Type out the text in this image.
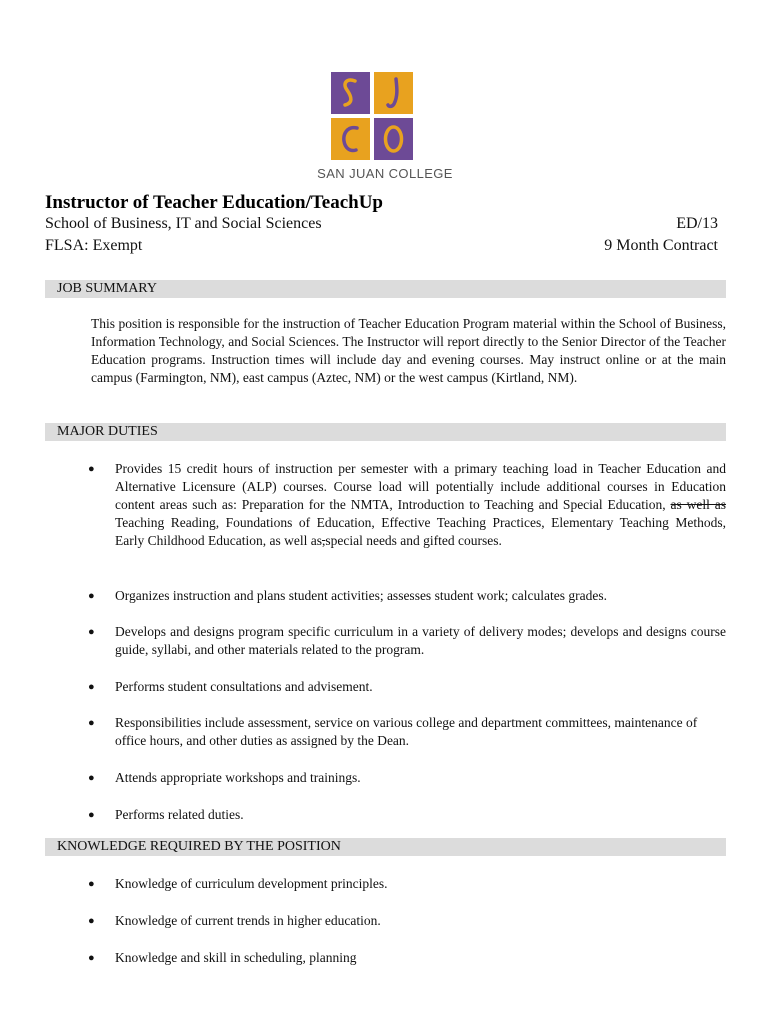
SAN JUAN COLLEGE
Instructor of Teacher Education/TeachUp
School of Business, IT and Social Sciences	ED/13
FLSA: Exempt	9 Month Contract
JOB SUMMARY
This position is responsible for the instruction of Teacher Education Program material within the School of Business, Information Technology, and Social Sciences. The Instructor will report directly to the Senior Director of the Teacher Education programs. Instruction times will include day and evening courses. May instruct online or at the main campus (Farmington, NM), east campus (Aztec, NM) or the west campus (Kirtland, NM).
MAJOR DUTIES
●	Provides 15 credit hours of instruction per semester with a primary teaching load in Teacher Education and Alternative Licensure (ALP) courses. Course load will potentially include additional courses in Education content areas such as: Preparation for the NMTA, Introduction to Teaching and Special Education, as well as Teaching Reading, Foundations of Education, Effective Teaching Practices, Elementary Teaching Methods, Early Childhood Education, as well as,special needs and gifted courses.
●	Organizes instruction and plans student activities; assesses student work; calculates grades.
●	Develops and designs program specific curriculum in a variety of delivery modes; develops and designs course guide, syllabi, and other materials related to the program.
●	Performs student consultations and advisement.
●	Responsibilities include assessment, service on various college and department committees, maintenance of office hours, and other duties as assigned by the Dean.
●	Attends appropriate workshops and trainings.
●	Performs related duties.
KNOWLEDGE REQUIRED BY THE POSITION
●	Knowledge of curriculum development principles.
●	Knowledge of current trends in higher education.
●	Knowledge and skill in scheduling, planning
